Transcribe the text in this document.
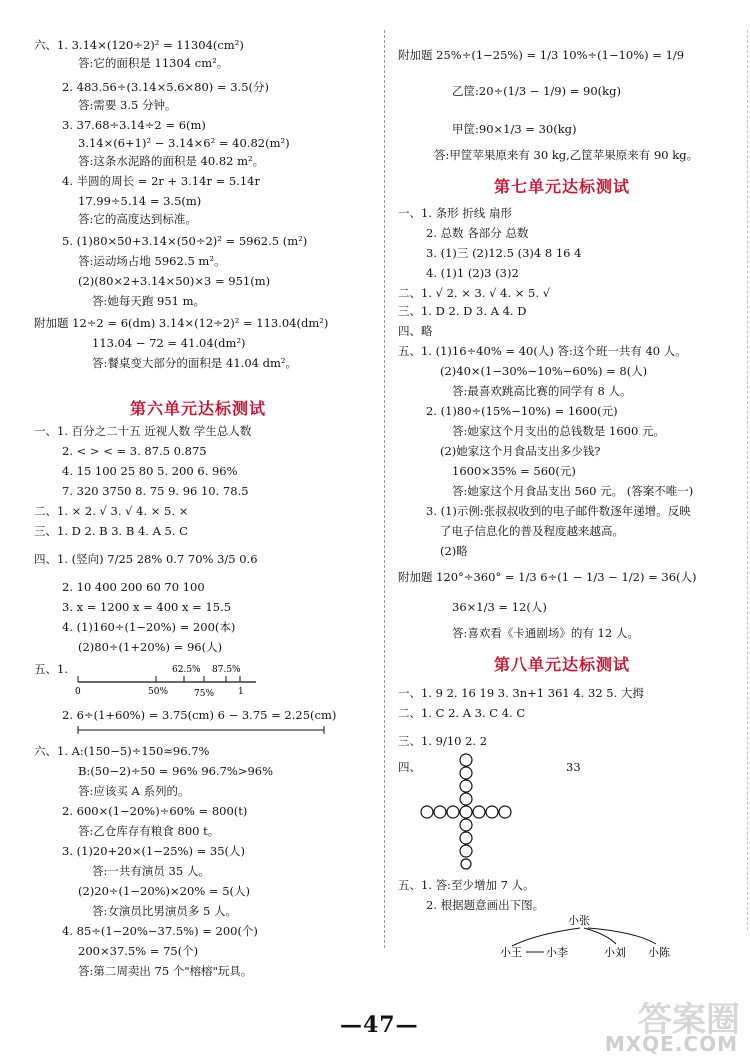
六、1. 3.14×(120÷2)² = 11304(cm²)
答:它的面积是 11304 cm²。
2. 483.56÷(3.14×5.6×80) = 3.5(分)
答:需要 3.5 分钟。
3. 37.68÷3.14÷2 = 6(m)
3.14×(6+1)² − 3.14×6² = 40.82(m²)
答:这条水泥路的面积是 40.82 m²。
4. 半圆的周长 = 2r + 3.14r = 5.14r
17.99÷5.14 = 3.5(m)
答:它的高度达到标准。
5. (1)80×50+3.14×(50÷2)² = 5962.5 (m²)
答:运动场占地 5962.5 m²。
(2)(80×2+3.14×50)×3 = 951(m)
答:她每天跑 951 m。
附加题 12÷2 = 6(dm) 3.14×(12÷2)² = 113.04(dm²)
113.04 − 72 = 41.04(dm²)
答:餐桌变大部分的面积是 41.04 dm²。
第六单元达标测试
一、1. 百分之二十五 近视人数 学生总人数
2. < > < = 3. 87.5 0.875
4. 15 100 25 80 5. 200 6. 96%
7. 320 3750 8. 75 9. 96 10. 78.5
二、1. × 2. √ 3. √ 4. × 5. ×
三、1. D 2. B 3. B 4. A 5. C
四、1. (竖向) 7/25 28% 0.7 70% 3/5 0.6
2. 10 400 200 60 70 100
3. x = 1200 x = 400 x = 15.5
4. (1)160÷(1−20%) = 200(本)
(2)80÷(1+20%) = 96(人)
五、1.	62.5% 87.5%
0	50%	75%	1
2. 6÷(1+60%) = 3.75(cm) 6 − 3.75 = 2.25(cm)
六、1. A:(150−5)÷150≈96.7%
B:(50−2)÷50 = 96% 96.7%>96%
答:应该买 A 系列的。
2. 600×(1−20%)÷60% = 800(t)
答:乙仓库存有粮食 800 t。
3. (1)20+20×(1−25%) = 35(人)
答:一共有演员 35 人。
(2)20÷(1−20%)×20% = 5(人)
答:女演员比男演员多 5 人。
4. 85÷(1−20%−37.5%) = 200(个)
200×37.5% = 75(个)
答:第二周卖出 75 个"榕榕"玩具。
附加题 25%÷(1−25%) = 1/3 10%÷(1−10%) = 1/9
乙筐:20÷(1/3 − 1/9) = 90(kg)
甲筐:90×1/3 = 30(kg)
答:甲筐苹果原来有 30 kg,乙筐苹果原来有 90 kg。
第七单元达标测试
一、1. 条形 折线 扇形
2. 总数 各部分 总数
3. (1)三 (2)12.5 (3)4 8 16 4
4. (1)1 (2)3 (3)2
二、1. √ 2. × 3. √ 4. × 5. √
三、1. D 2. D 3. A 4. D
四、略
五、1. (1)16÷40% = 40(人) 答:这个班一共有 40 人。
(2)40×(1−30%−10%−60%) = 8(人)
答:最喜欢跳高比赛的同学有 8 人。
2. (1)80÷(15%−10%) = 1600(元)
答:她家这个月支出的总钱数是 1600 元。
(2)她家这个月食品支出多少钱?
1600×35% = 560(元)
答:她家这个月食品支出 560 元。 (答案不唯一)
3. (1)示例:张叔叔收到的电子邮件数逐年递增。反映
了电子信息化的普及程度越来越高。
(2)略
附加题 120°÷360° = 1/3 6÷(1 − 1/3 − 1/2) = 36(人)
36×1/3 = 12(人)
答:喜欢看《卡通剧场》的有 12 人。
第八单元达标测试
一、1. 9 2. 16 19 3. 3n+1 361 4. 32 5. 大拇
二、1. C 2. A 3. C 4. C
三、1. 9/10 2. 2
四、	33
五、1. 答:至少增加 7 人。
2. 根据题意画出下图。
小张
小王 小李	小刘 小陈
—47—	答案圈
MXQE.COM
